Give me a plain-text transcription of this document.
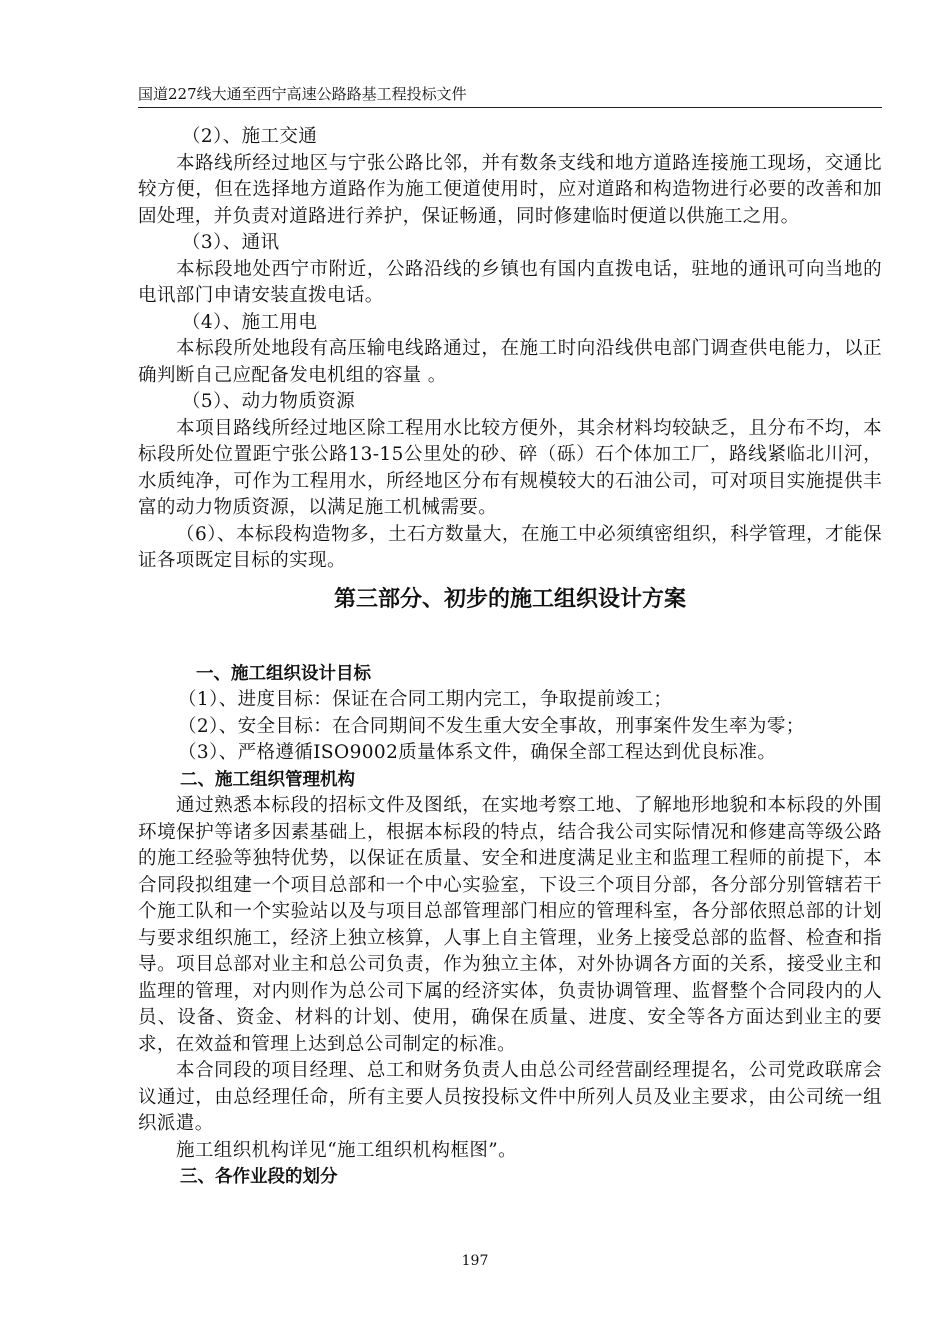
国道227线大通至西宁高速公路路基工程投标文件

（2）、施工交通

本路线所经过地区与宁张公路比邻，并有数条支线和地方道路连接施工现场，交通比较方便，但在选择地方道路作为施工便道使用时，应对道路和构造物进行必要的改善和加固处理，并负责对道路进行养护，保证畅通，同时修建临时便道以供施工之用。

（3）、通讯

本标段地处西宁市附近，公路沿线的乡镇也有国内直拨电话，驻地的通讯可向当地的电讯部门申请安装直拨电话。

（4）、施工用电

本标段所处地段有高压输电线路通过，在施工时向沿线供电部门调查供电能力，以正确判断自己应配备发电机组的容量 。

（5）、动力物质资源

本项目路线所经过地区除工程用水比较方便外，其余材料均较缺乏，且分布不均，本标段所处位置距宁张公路13-15公里处的砂、碎（砾）石个体加工厂，路线紧临北川河，水质纯净，可作为工程用水，所经地区分布有规模较大的石油公司，可对项目实施提供丰富的动力物质资源，以满足施工机械需要。

（6）、本标段构造物多，土石方数量大，在施工中必须缜密组织，科学管理，才能保证各项既定目标的实现。

第三部分、初步的施工组织设计方案
一、施工组织设计目标

（1）、进度目标：保证在合同工期内完工，争取提前竣工；

（2）、安全目标：在合同期间不发生重大安全事故，刑事案件发生率为零；

（3）、严格遵循ISO9002质量体系文件，确保全部工程达到优良标准。

二、施工组织管理机构

通过熟悉本标段的招标文件及图纸，在实地考察工地、了解地形地貌和本标段的外围环境保护等诸多因素基础上，根据本标段的特点，结合我公司实际情况和修建高等级公路的施工经验等独特优势，以保证在质量、安全和进度满足业主和监理工程师的前提下，本合同段拟组建一个项目总部和一个中心实验室，下设三个项目分部，各分部分别管辖若干个施工队和一个实验站以及与项目总部管理部门相应的管理科室，各分部依照总部的计划与要求组织施工，经济上独立核算，人事上自主管理，业务上接受总部的监督、检查和指导。项目总部对业主和总公司负责，作为独立主体，对外协调各方面的关系，接受业主和监理的管理，对内则作为总公司下属的经济实体，负责协调管理、监督整个合同段内的人员、设备、资金、材料的计划、使用，确保在质量、进度、安全等各方面达到业主的要求，在效益和管理上达到总公司制定的标准。

本合同段的项目经理、总工和财务负责人由总公司经营副经理提名，公司党政联席会议通过，由总经理任命，所有主要人员按投标文件中所列人员及业主要求，由公司统一组织派遣。

施工组织机构详见“施工组织机构框图”。

三、各作业段的划分
197
